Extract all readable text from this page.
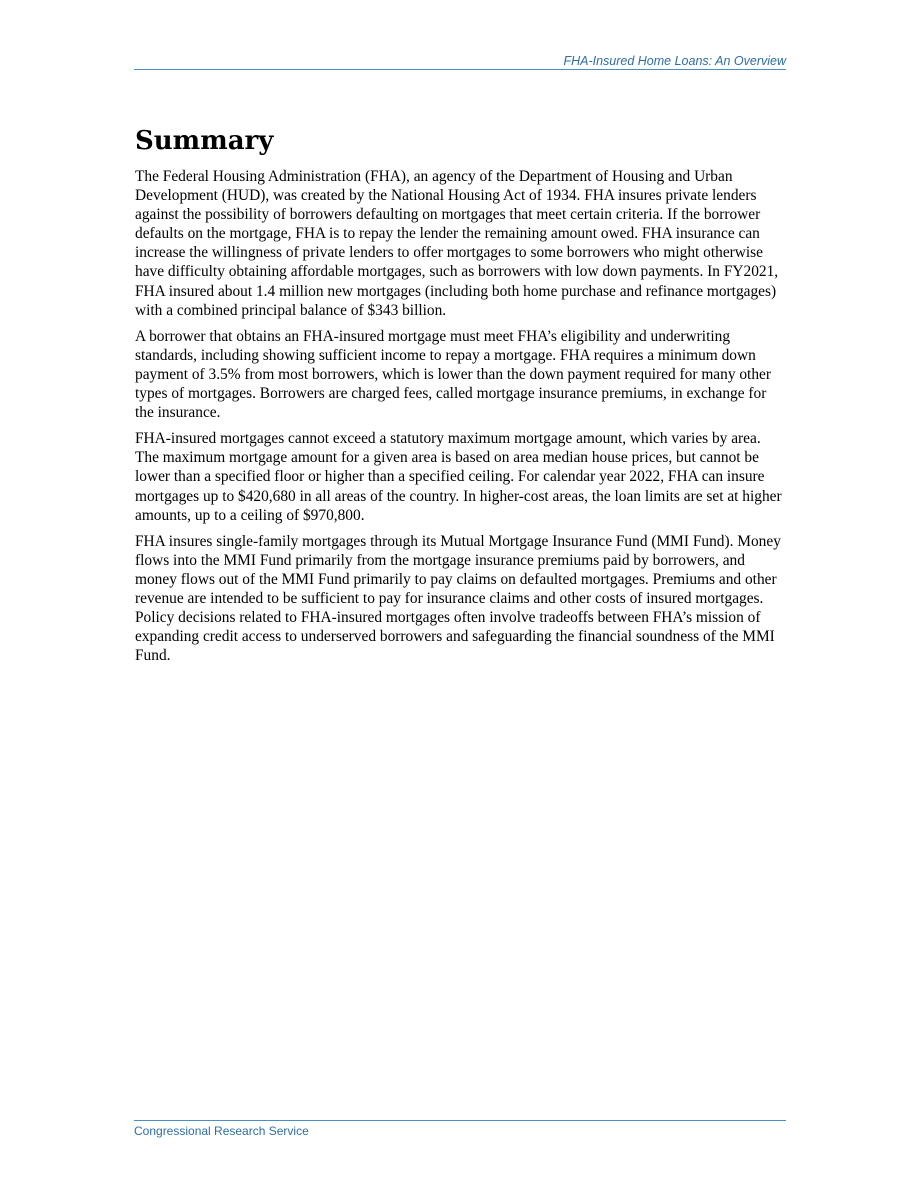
FHA-Insured Home Loans: An Overview
Summary

The Federal Housing Administration (FHA), an agency of the Department of Housing and Urban Development (HUD), was created by the National Housing Act of 1934. FHA insures private lenders against the possibility of borrowers defaulting on mortgages that meet certain criteria. If the borrower defaults on the mortgage, FHA is to repay the lender the remaining amount owed. FHA insurance can increase the willingness of private lenders to offer mortgages to some borrowers who might otherwise have difficulty obtaining affordable mortgages, such as borrowers with low down payments. In FY2021, FHA insured about 1.4 million new mortgages (including both home purchase and refinance mortgages) with a combined principal balance of $343 billion.

A borrower that obtains an FHA-insured mortgage must meet FHA’s eligibility and underwriting standards, including showing sufficient income to repay a mortgage. FHA requires a minimum down payment of 3.5% from most borrowers, which is lower than the down payment required for many other types of mortgages. Borrowers are charged fees, called mortgage insurance premiums, in exchange for the insurance.

FHA-insured mortgages cannot exceed a statutory maximum mortgage amount, which varies by area. The maximum mortgage amount for a given area is based on area median house prices, but cannot be lower than a specified floor or higher than a specified ceiling. For calendar year 2022, FHA can insure mortgages up to $420,680 in all areas of the country. In higher-cost areas, the loan limits are set at higher amounts, up to a ceiling of $970,800.

FHA insures single-family mortgages through its Mutual Mortgage Insurance Fund (MMI Fund). Money flows into the MMI Fund primarily from the mortgage insurance premiums paid by borrowers, and money flows out of the MMI Fund primarily to pay claims on defaulted mortgages. Premiums and other revenue are intended to be sufficient to pay for insurance claims and other costs of insured mortgages. Policy decisions related to FHA-insured mortgages often involve tradeoffs between FHA’s mission of expanding credit access to underserved borrowers and safeguarding the financial soundness of the MMI Fund.

Congressional Research Service
